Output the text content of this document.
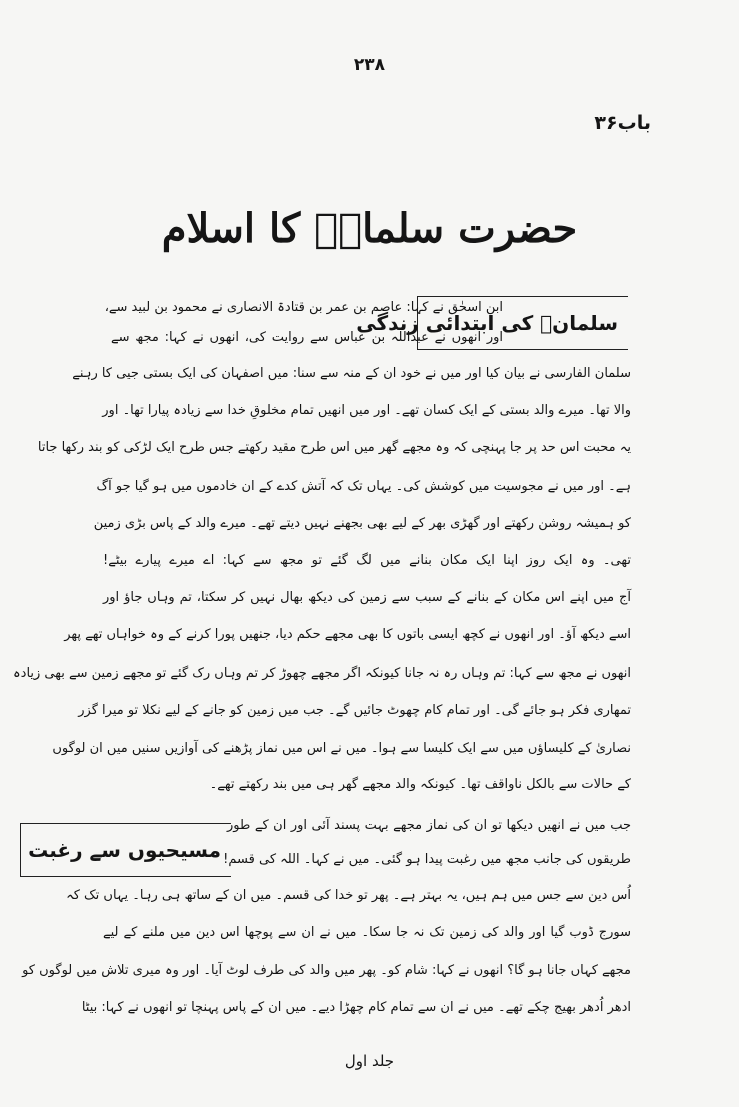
۲۳۸
باب۳۶
حضرت سلمانؓ کا اسلام
سلمانؓ کی ابتدائی زندگی
ابن اسحٰق نے کہا: عاصم بن عمر بن قتادۃ الانصاری نے محمود بن لبید سے،
اور انھوں نے عبداللہ بن عباس سے روایت کی، انھوں نے کہا: مجھ سے
سلمان الفارسی نے بیان کیا اور میں نے خود ان کے منہ سے سنا: میں اصفہان کی ایک بستی جیی کا رہنے
والا تھا۔ میرے والد بستی کے ایک کسان تھے۔ اور میں انھیں تمام مخلوقِ خدا سے زیادہ پیارا تھا۔ اور
یہ محبت اس حد پر جا پہنچی کہ وہ مجھے گھر میں اس طرح مقید رکھتے جس طرح ایک لڑکی کو بند رکھا جاتا
ہے۔ اور میں نے مجوسیت میں کوشش کی۔ یہاں تک کہ آتش کدے کے ان خادموں میں ہو گیا جو آگ
کو ہمیشہ روشن رکھتے اور گھڑی بھر کے لیے بھی بجھنے نہیں دیتے تھے۔ میرے والد کے پاس بڑی زمین
تھی۔ وہ ایک روز اپنا ایک مکان بنانے میں لگ گئے تو مجھ سے کہا: اے میرے پیارے بیٹے!
آج میں اپنے اس مکان کے بنانے کے سبب سے زمین کی دیکھ بھال نہیں کر سکتا، تم وہاں جاؤ اور
اسے دیکھ آؤ۔ اور انھوں نے کچھ ایسی باتوں کا بھی مجھے حکم دیا، جنھیں پورا کرنے کے وہ خواہاں تھے پھر
انھوں نے مجھ سے کہا: تم وہاں رہ نہ جانا کیونکہ اگر مجھے چھوڑ کر تم وہاں رک گئے تو مجھے زمین سے بھی زیادہ
تمھاری فکر ہو جائے گی۔ اور تمام کام چھوٹ جائیں گے۔ جب میں زمین کو جانے کے لیے نکلا تو میرا گزر
نصاریٰ کے کلیساؤں میں سے ایک کلیسا سے ہوا۔ میں نے اس میں نماز پڑھنے کی آوازیں سنیں میں ان لوگوں
کے حالات سے بالکل ناواقف تھا۔ کیونکہ والد مجھے گھر ہی میں بند رکھتے تھے۔
مسیحیوں سے رغبت
جب میں نے انھیں دیکھا تو ان کی نماز مجھے بہت پسند آئی اور ان کے طور
طریقوں کی جانب مجھ میں رغبت پیدا ہو گئی۔ میں نے کہا۔ اللہ کی قسم!
اُس دین سے جس میں ہم ہیں، یہ بہتر ہے۔ پھر تو خدا کی قسم۔ میں ان کے ساتھ ہی رہا۔ یہاں تک کہ
سورج ڈوب گیا اور والد کی زمین تک نہ جا سکا۔ میں نے ان سے پوچھا اس دین میں ملنے کے لیے
مجھے کہاں جانا ہو گا؟ انھوں نے کہا: شام کو۔ پھر میں والد کی طرف لوٹ آیا۔ اور وہ میری تلاش میں لوگوں کو
ادھر اُدھر بھیج چکے تھے۔ میں نے ان سے تمام کام چھڑا دیے۔ میں ان کے پاس پہنچا تو انھوں نے کہا: بیٹا
جلد اول
